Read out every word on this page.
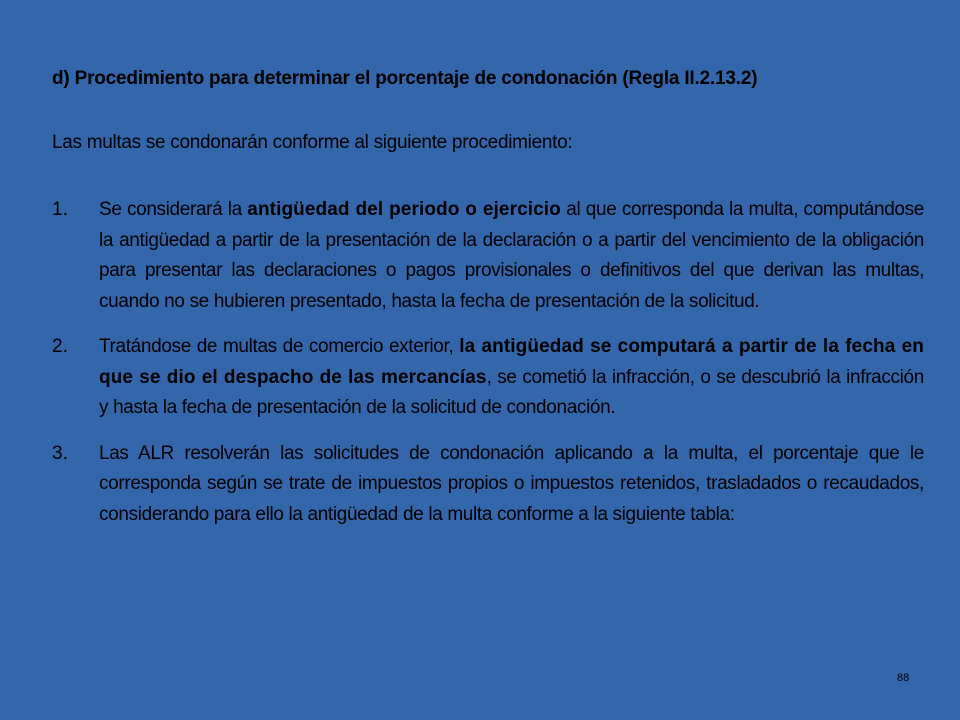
d) Procedimiento para determinar el porcentaje de condonación (Regla II.2.13.2)
Las multas se condonarán conforme al siguiente procedimiento:
1.	Se considerará la antigüedad del periodo o ejercicio al que corresponda la multa, computándose la antigüedad a partir de la presentación de la declaración o a partir del vencimiento de la obligación para presentar las declaraciones o pagos provisionales o definitivos del que derivan las multas, cuando no se hubieren presentado, hasta la fecha de presentación de la solicitud.
2.	Tratándose de multas de comercio exterior, la antigüedad se computará a partir de la fecha en que se dio el despacho de las mercancías, se cometió la infracción, o se descubrió la infracción y hasta la fecha de presentación de la solicitud de condonación.
3.	Las ALR resolverán las solicitudes de condonación aplicando a la multa, el porcentaje que le corresponda según se trate de impuestos propios o impuestos retenidos, trasladados o recaudados, considerando para ello la antigüedad de la multa conforme a la siguiente tabla:
88
